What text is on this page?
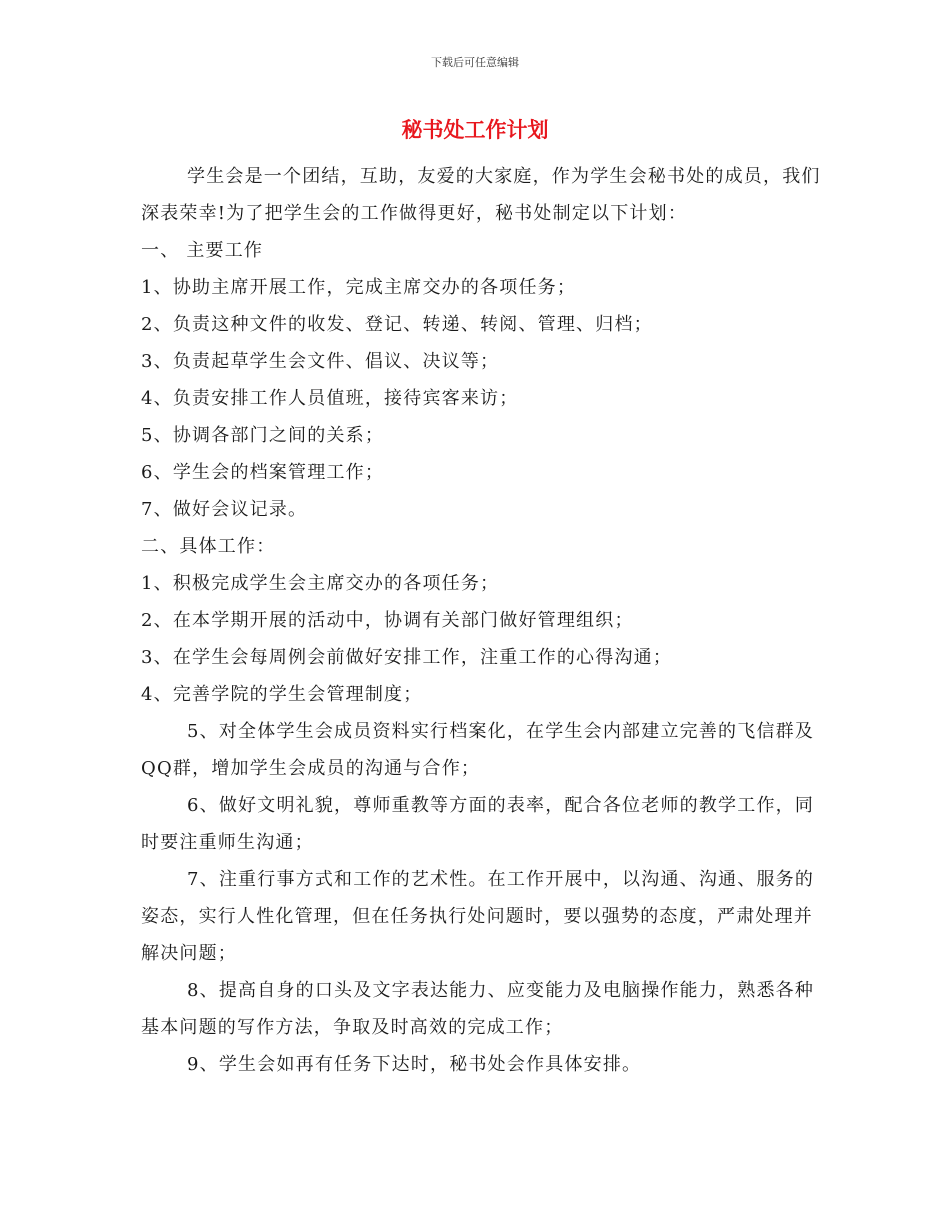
下载后可任意编辑
秘书处工作计划

学生会是一个团结，互助，友爱的大家庭，作为学生会秘书处的成员，我们深表荣幸!为了把学生会的工作做得更好，秘书处制定以下计划：

一、 主要工作

1、协助主席开展工作，完成主席交办的各项任务；

2、负责这种文件的收发、登记、转递、转阅、管理、归档；

3、负责起草学生会文件、倡议、决议等；

4、负责安排工作人员值班，接待宾客来访；

5、协调各部门之间的关系；

6、学生会的档案管理工作；

7、做好会议记录。

二、具体工作：

1、积极完成学生会主席交办的各项任务；

2、在本学期开展的活动中，协调有关部门做好管理组织；

3、在学生会每周例会前做好安排工作，注重工作的心得沟通；

4、完善学院的学生会管理制度；

5、对全体学生会成员资料实行档案化，在学生会内部建立完善的飞信群及QQ群，增加学生会成员的沟通与合作；

6、做好文明礼貌，尊师重教等方面的表率，配合各位老师的教学工作，同时要注重师生沟通；

7、注重行事方式和工作的艺术性。在工作开展中，以沟通、沟通、服务的姿态，实行人性化管理，但在任务执行处问题时，要以强势的态度，严肃处理并解决问题；

8、提高自身的口头及文字表达能力、应变能力及电脑操作能力，熟悉各种基本问题的写作方法，争取及时高效的完成工作；

9、学生会如再有任务下达时，秘书处会作具体安排。
